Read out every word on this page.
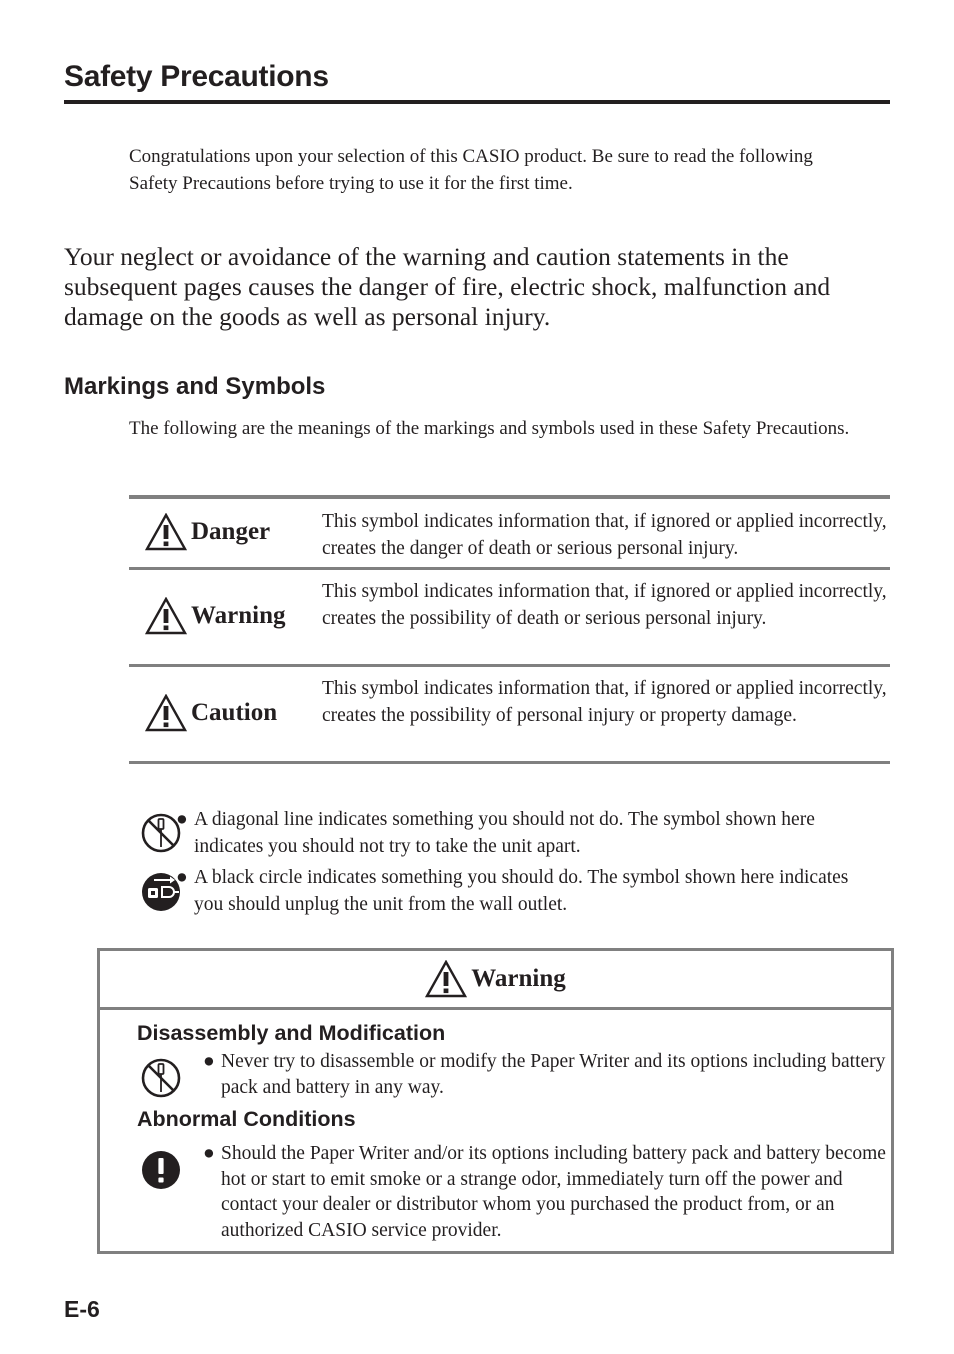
Safety Precautions

Congratulations upon your selection of this CASIO product. Be sure to read the following Safety Precautions before trying to use it for the first time.

Your neglect or avoidance of the warning and caution statements in the subsequent pages causes the danger of fire, electric shock, malfunction and damage on the goods as well as personal injury.

Markings and Symbols

The following are the meanings of the markings and symbols used in these Safety Precautions.

Danger	This symbol indicates information that, if ignored or applied incorrectly, creates the danger of death or serious personal injury.

Warning

This symbol indicates information that, if ignored or applied incorrectly, creates the possibility of death or serious personal injury.

Caution

This symbol indicates information that, if ignored or applied incorrectly, creates the possibility of personal injury or property damage.

● A diagonal line indicates something you should not do. The symbol shown here indicates you should not try to take the unit apart.

● A black circle indicates something you should do. The symbol shown here indicates you should unplug the unit from the wall outlet.

Warning

Disassembly and Modification

● Never try to disassemble or modify the Paper Writer and its options including battery pack and battery in any way.

Abnormal Conditions

● Should the Paper Writer and/or its options including battery pack and battery become hot or start to emit smoke or a strange odor, immediately turn off the power and contact your dealer or distributor whom you purchased the product from, or an authorized CASIO service provider.

E-6
